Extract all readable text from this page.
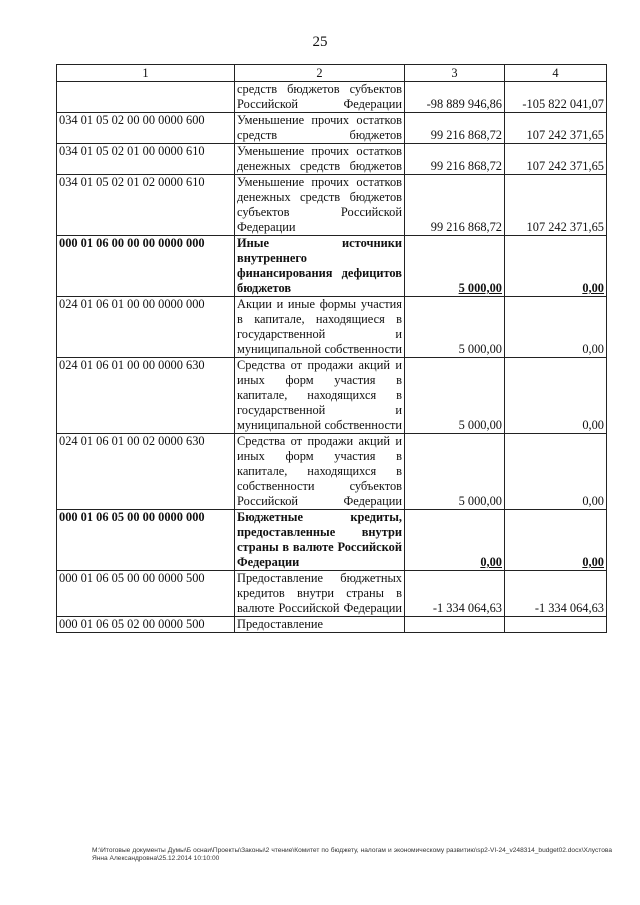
25
1	2	3	4
	средств бюджетов субъектов Российской Федерации	-98 889 946,86	-105 822 041,07
034 01 05 02 00 00 0000 600	Уменьшение прочих остатков средств бюджетов	99 216 868,72	107 242 371,65
034 01 05 02 01 00 0000 610	Уменьшение прочих остатков денежных средств бюджетов	99 216 868,72	107 242 371,65
034 01 05 02 01 02 0000 610	Уменьшение прочих остатков денежных средств бюджетов субъектов Российской Федерации	99 216 868,72	107 242 371,65
000 01 06 00 00 00 0000 000	Иные источники внутреннего финансирования дефицитов бюджетов	5 000,00	0,00
024 01 06 01 00 00 0000 000	Акции и иные формы участия в капитале, находящиеся в государственной и муниципальной собственности	5 000,00	0,00
024 01 06 01 00 00 0000 630	Средства от продажи акций и иных форм участия в капитале, находящихся в государственной и муниципальной собственности	5 000,00	0,00
024 01 06 01 00 02 0000 630	Средства от продажи акций и иных форм участия в капитале, находящихся в собственности субъектов Российской Федерации	5 000,00	0,00
000 01 06 05 00 00 0000 000	Бюджетные кредиты, предоставленные внутри страны в валюте Российской Федерации	0,00	0,00
000 01 06 05 00 00 0000 500	Предоставление бюджетных кредитов внутри страны в валюте Российской Федерации	-1 334 064,63	-1 334 064,63
000 01 06 05 02 00 0000 500	Предоставление		
M:\Итоговые документы Думы\Б оснаи\Проекты\Законы\2 чтение\Комитет по бюджету, налогам и экономическому развитию\sp2-VI-24_v248314_budget02.docx\Хлустова Янна Александровна\25.12.2014 10:10:00
